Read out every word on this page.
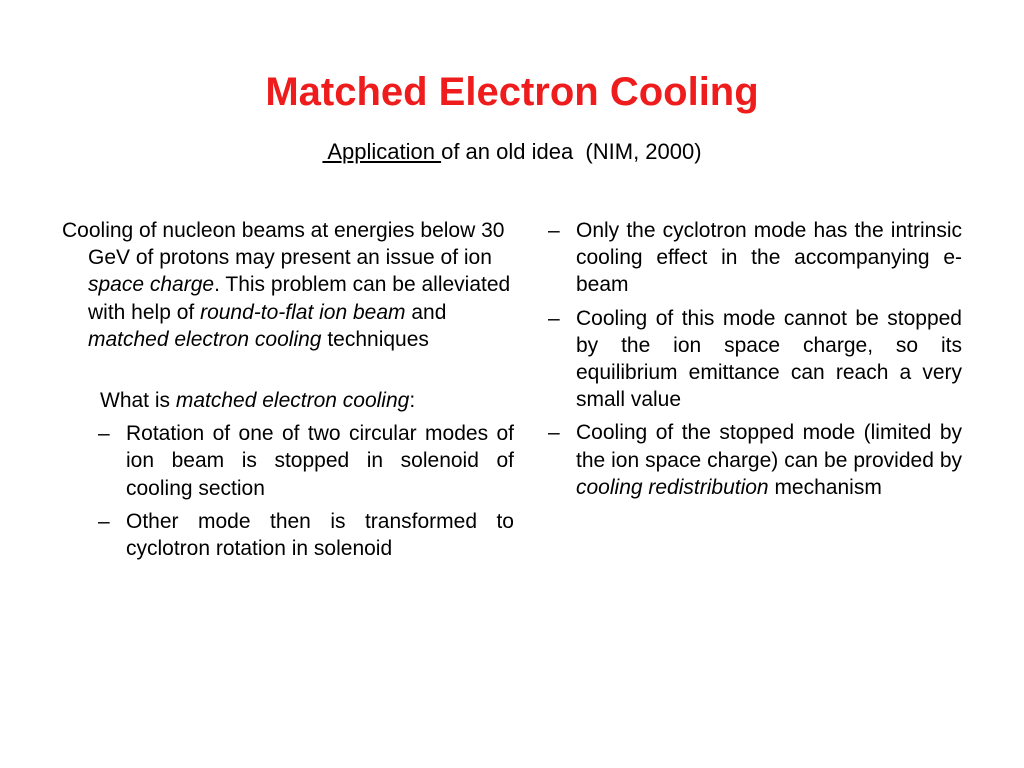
Matched Electron Cooling
Application of an old idea  (NIM, 2000)

Cooling of nucleon beams at energies below 30 GeV of protons may present an issue of ion space charge. This problem can be alleviated with help of round-to-flat ion beam and matched electron cooling techniques

What is matched electron cooling:

– Rotation of one of two circular modes of ion beam is stopped in solenoid of cooling section

– Other mode then is transformed to cyclotron rotation in solenoid

– Only the cyclotron mode has the intrinsic cooling effect in the accompanying e-beam

– Cooling of this mode cannot be stopped by the ion space charge, so its equilibrium emittance can reach a very small value

– Cooling of the stopped mode (limited by the ion space charge) can be provided by cooling redistribution mechanism
